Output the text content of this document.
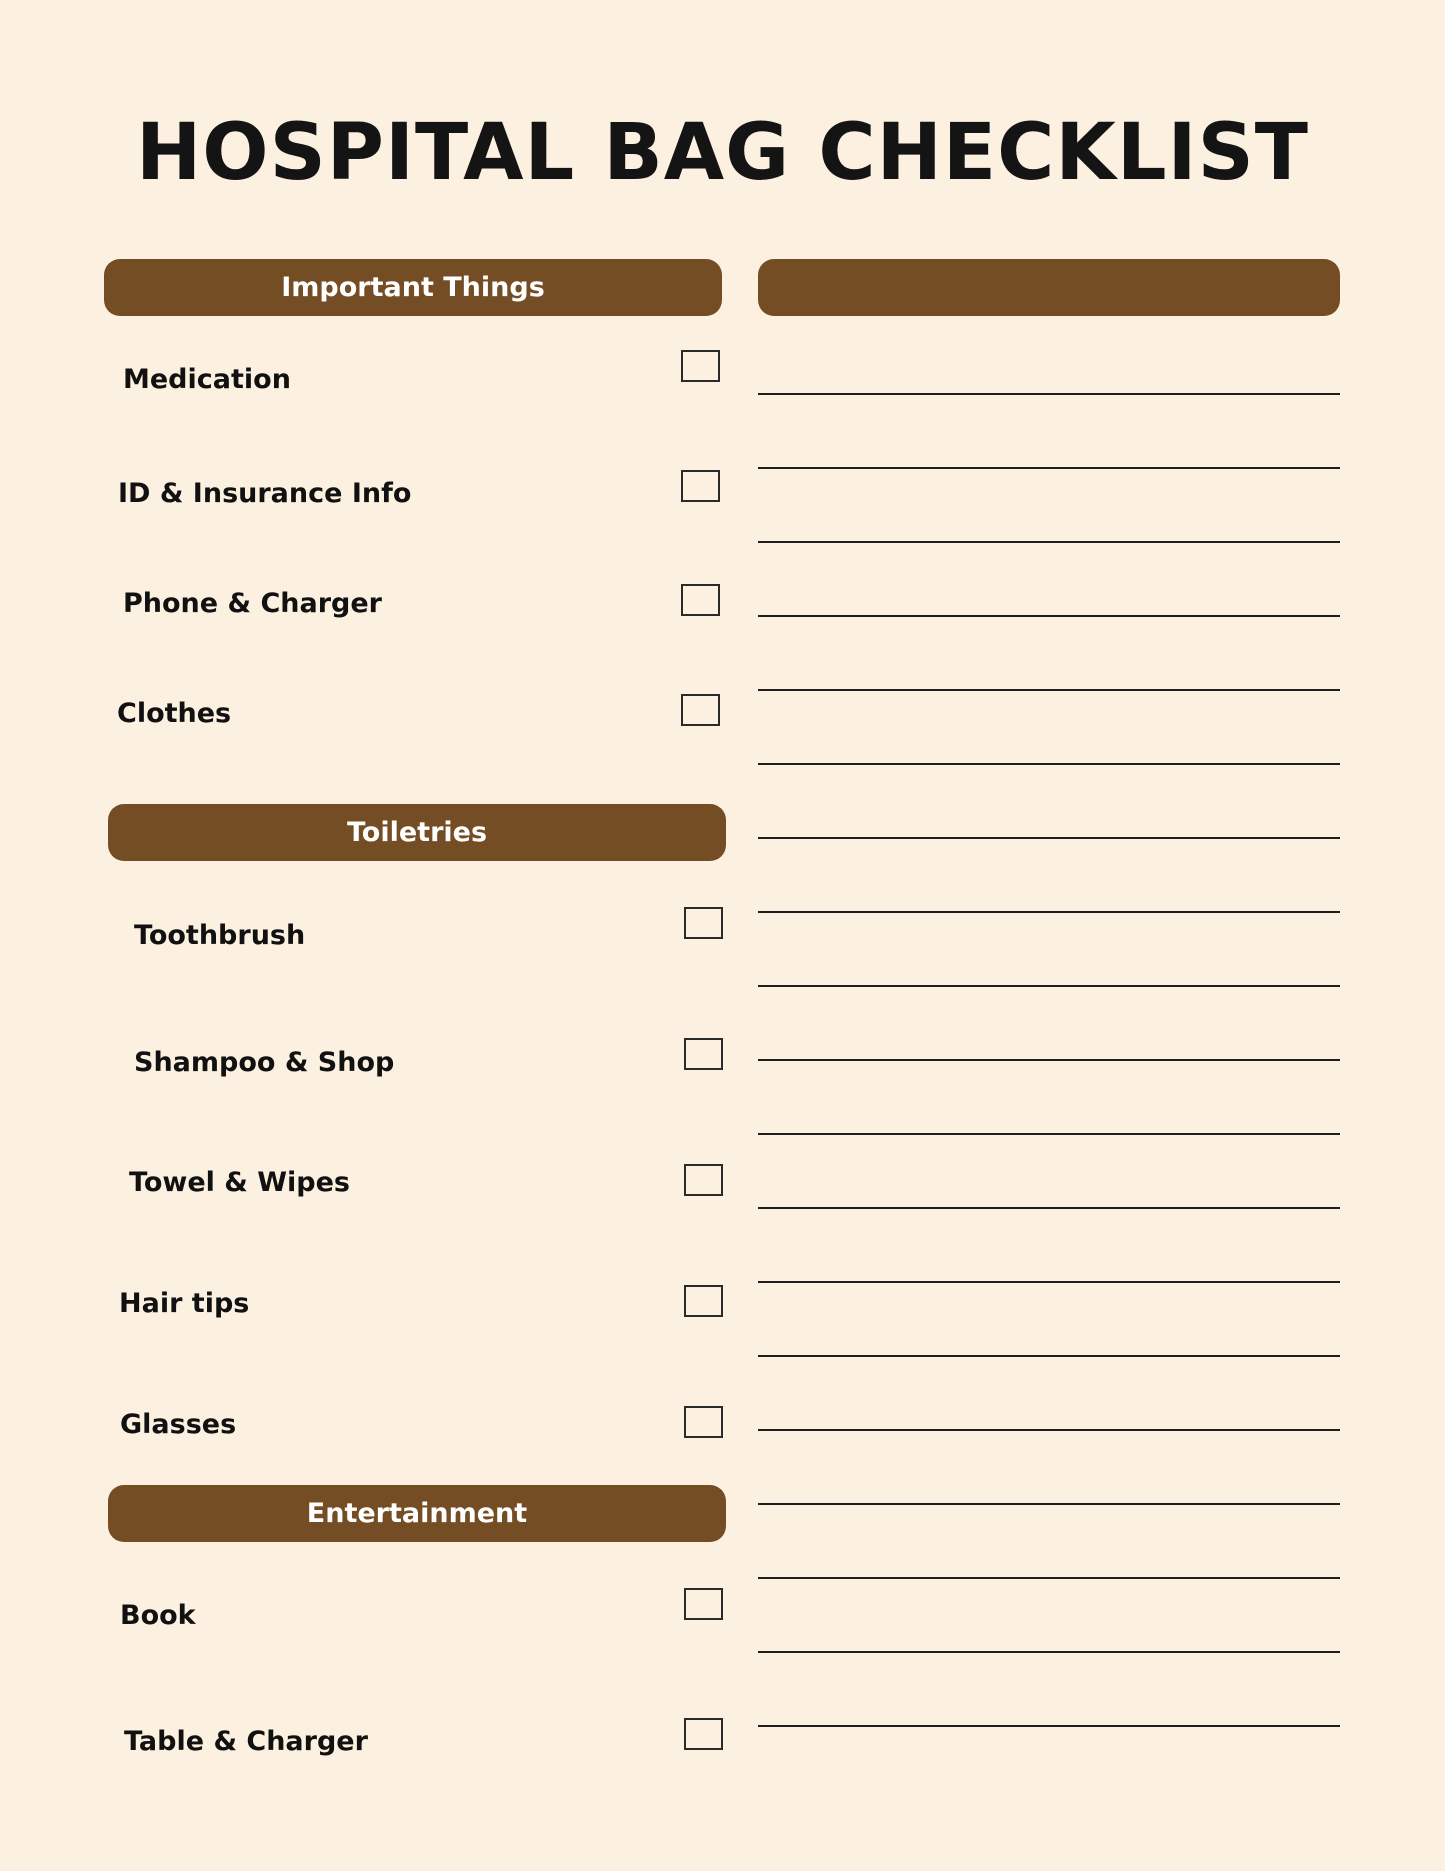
HOSPITAL BAG CHECKLIST
Important Things
Medication
ID & Insurance Info
Phone & Charger
Clothes
Toiletries
Toothbrush
Shampoo & Shop
Towel & Wipes
Hair tips
Glasses
Entertainment
Book
Table & Charger
